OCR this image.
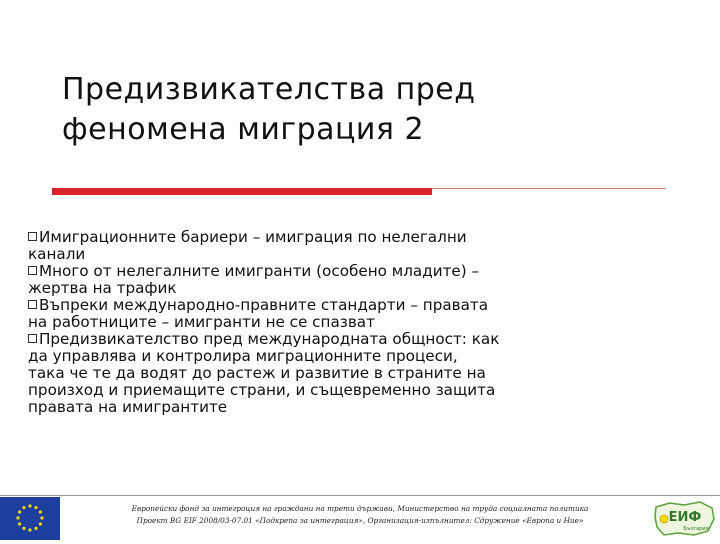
Предизвикателства пред
феномена миграция 2
Имиграционните бариери – имиграция по нелегални
канали
Много от нелегалните имигранти (особено младите) –
жертва на трафик
Въпреки международно-правните стандарти – правата
на работниците – имигранти не се спазват
Предизвикателство пред международната общност: как
да управлява и контролира миграционните процеси,
така че те да водят до растеж и развитие в страните на
произход и приемащите страни, и същевременно защита
правата на имигрантите
Европейски фонд за интеграция на граждани на трети държави, Министерство на труда социалната политика
Проект BG EIF 2008/03-07.01 «Подкрепа за интеграция», Организация-изпълнител: Сдружение «Европа и Ние»	ЕИФ
България
